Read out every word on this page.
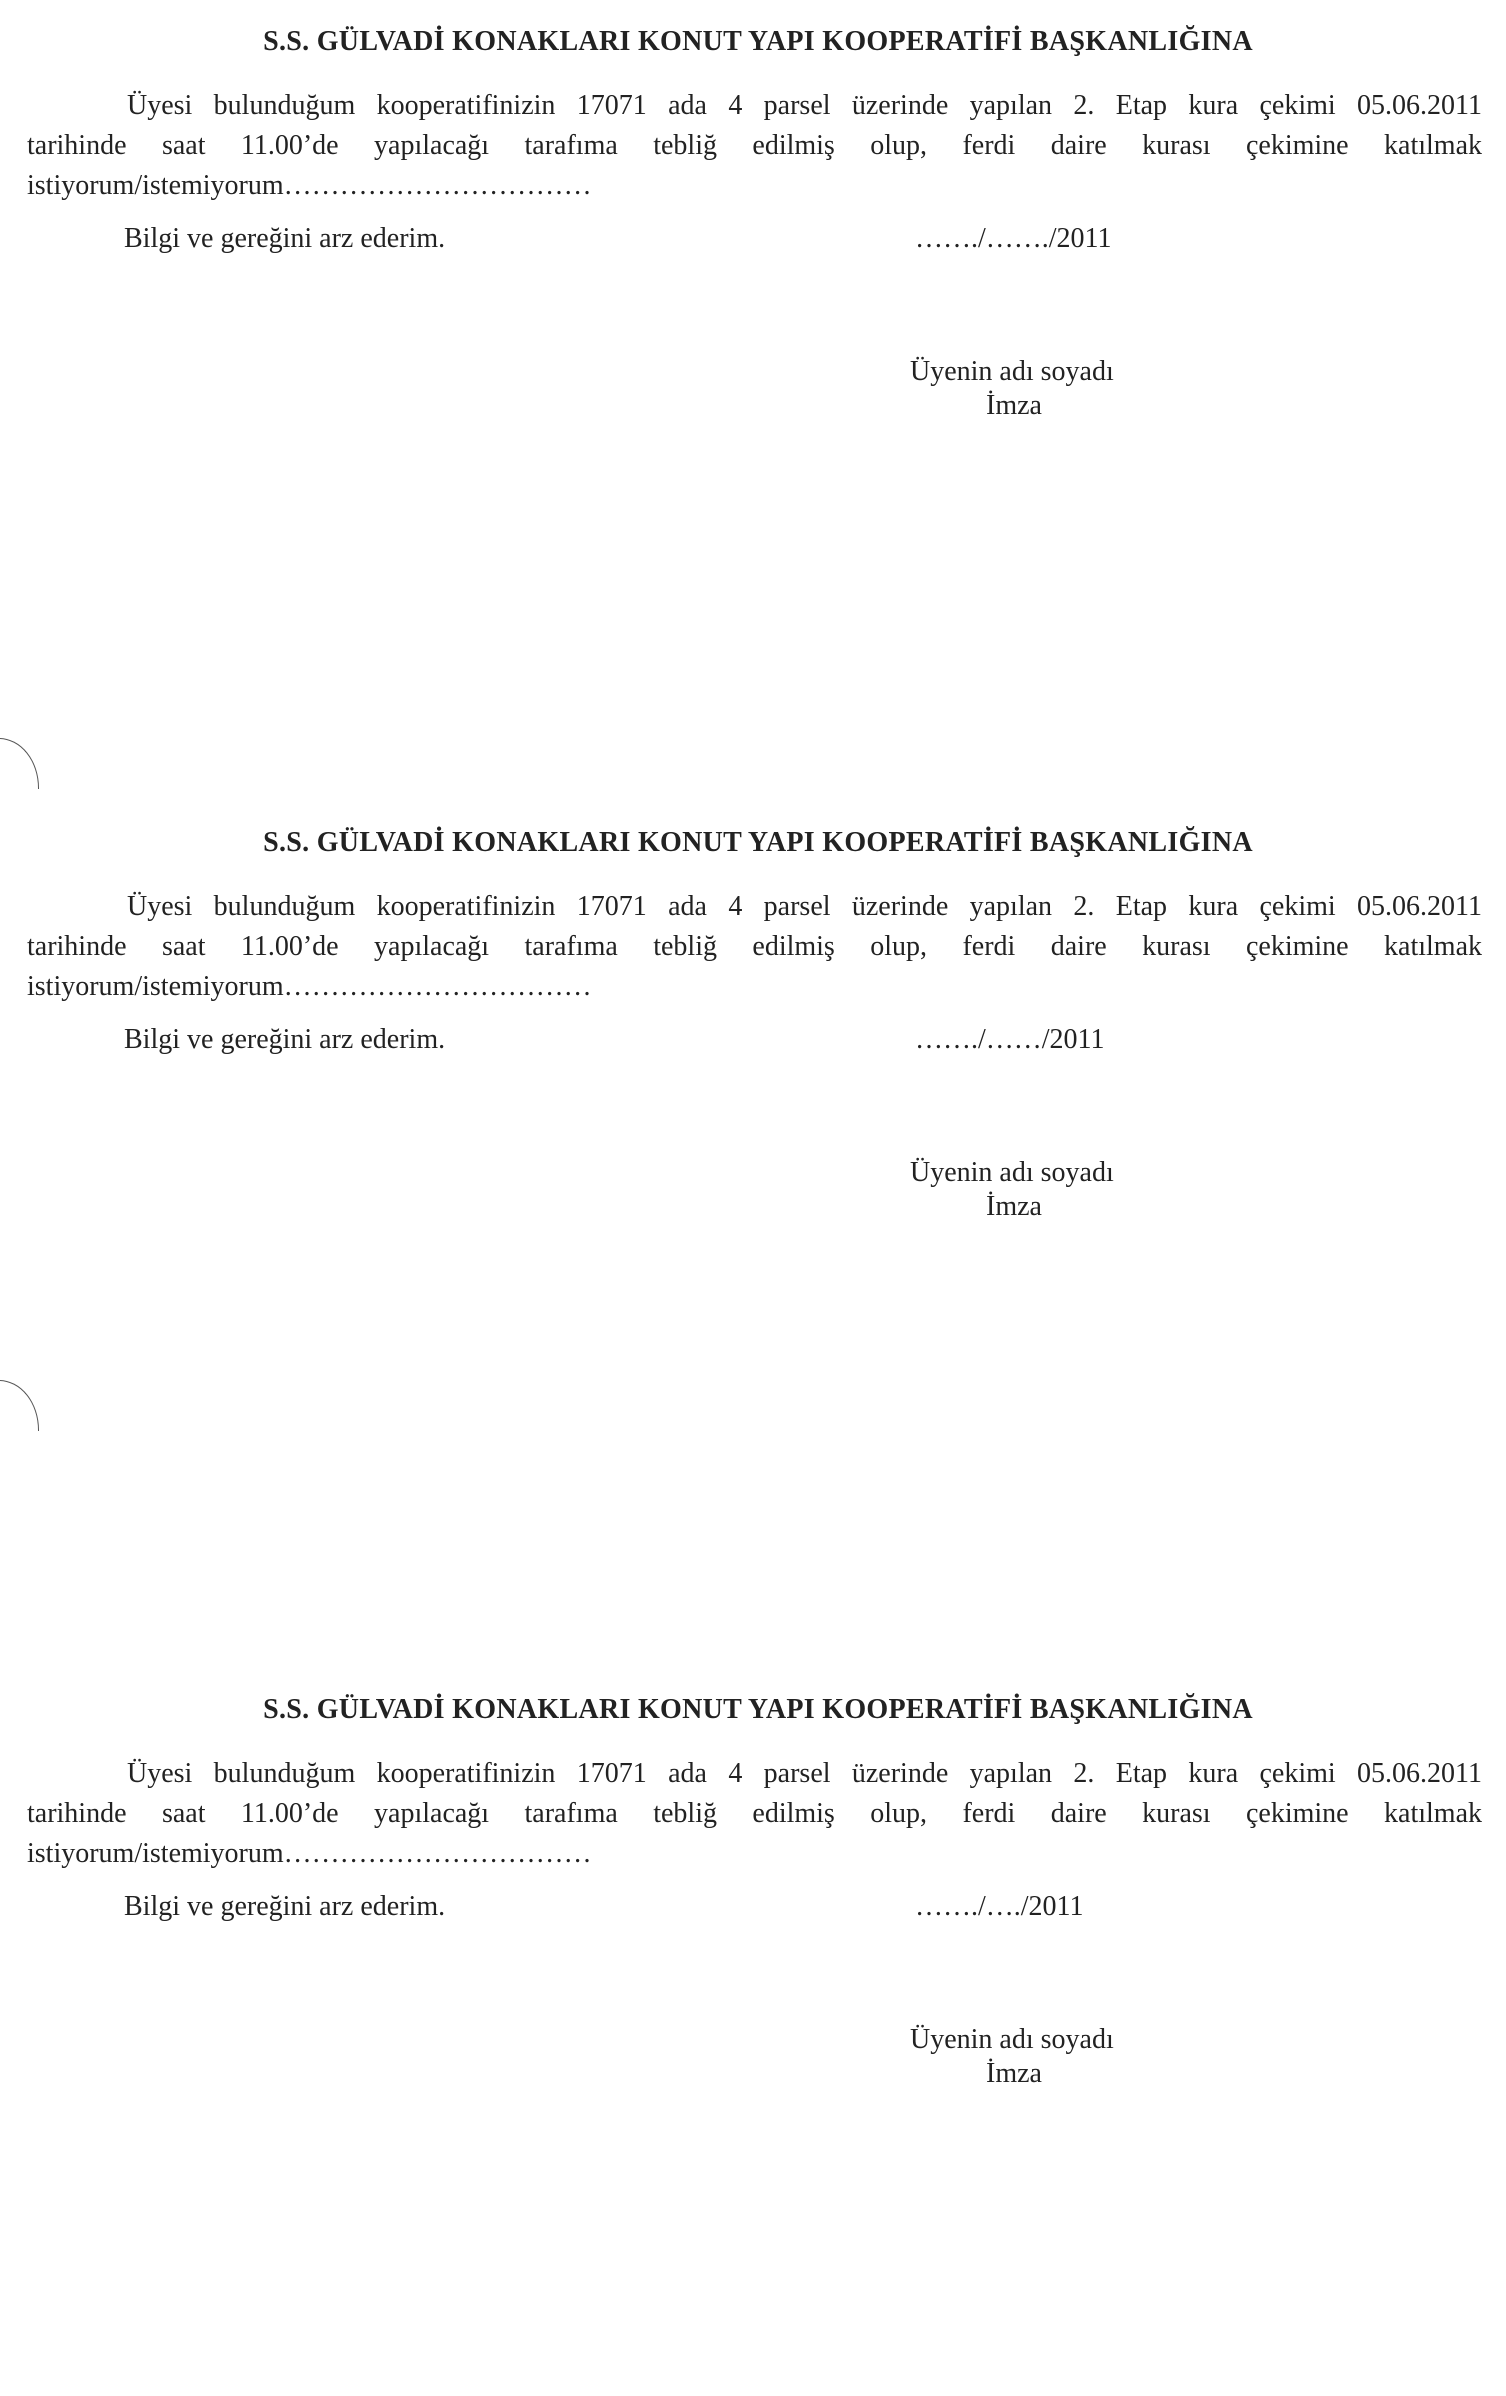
S.S. GÜLVADİ KONAKLARI KONUT YAPI KOOPERATİFİ BAŞKANLIĞINA
Üyesi bulunduğum kooperatifinizin 17071 ada 4 parsel üzerinde yapılan 2. Etap kura çekimi 05.06.2011
tarihinde saat 11.00’de yapılacağı tarafıma tebliğ edilmiş olup, ferdi daire kurası çekimine katılmak
istiyorum/istemiyorum……………………………
Bilgi ve gereğini arz ederim.	……./……./2011
Üyenin adı soyadı
İmza
S.S. GÜLVADİ KONAKLARI KONUT YAPI KOOPERATİFİ BAŞKANLIĞINA
Üyesi bulunduğum kooperatifinizin 17071 ada 4 parsel üzerinde yapılan 2. Etap kura çekimi 05.06.2011
tarihinde saat 11.00’de yapılacağı tarafıma tebliğ edilmiş olup, ferdi daire kurası çekimine katılmak
istiyorum/istemiyorum……………………………
Bilgi ve gereğini arz ederim.	……./……/2011
Üyenin adı soyadı
İmza
S.S. GÜLVADİ KONAKLARI KONUT YAPI KOOPERATİFİ BAŞKANLIĞINA
Üyesi bulunduğum kooperatifinizin 17071 ada 4 parsel üzerinde yapılan 2. Etap kura çekimi 05.06.2011
tarihinde saat 11.00’de yapılacağı tarafıma tebliğ edilmiş olup, ferdi daire kurası çekimine katılmak
istiyorum/istemiyorum……………………………
Bilgi ve gereğini arz ederim.	……./…./2011
Üyenin adı soyadı
İmza
